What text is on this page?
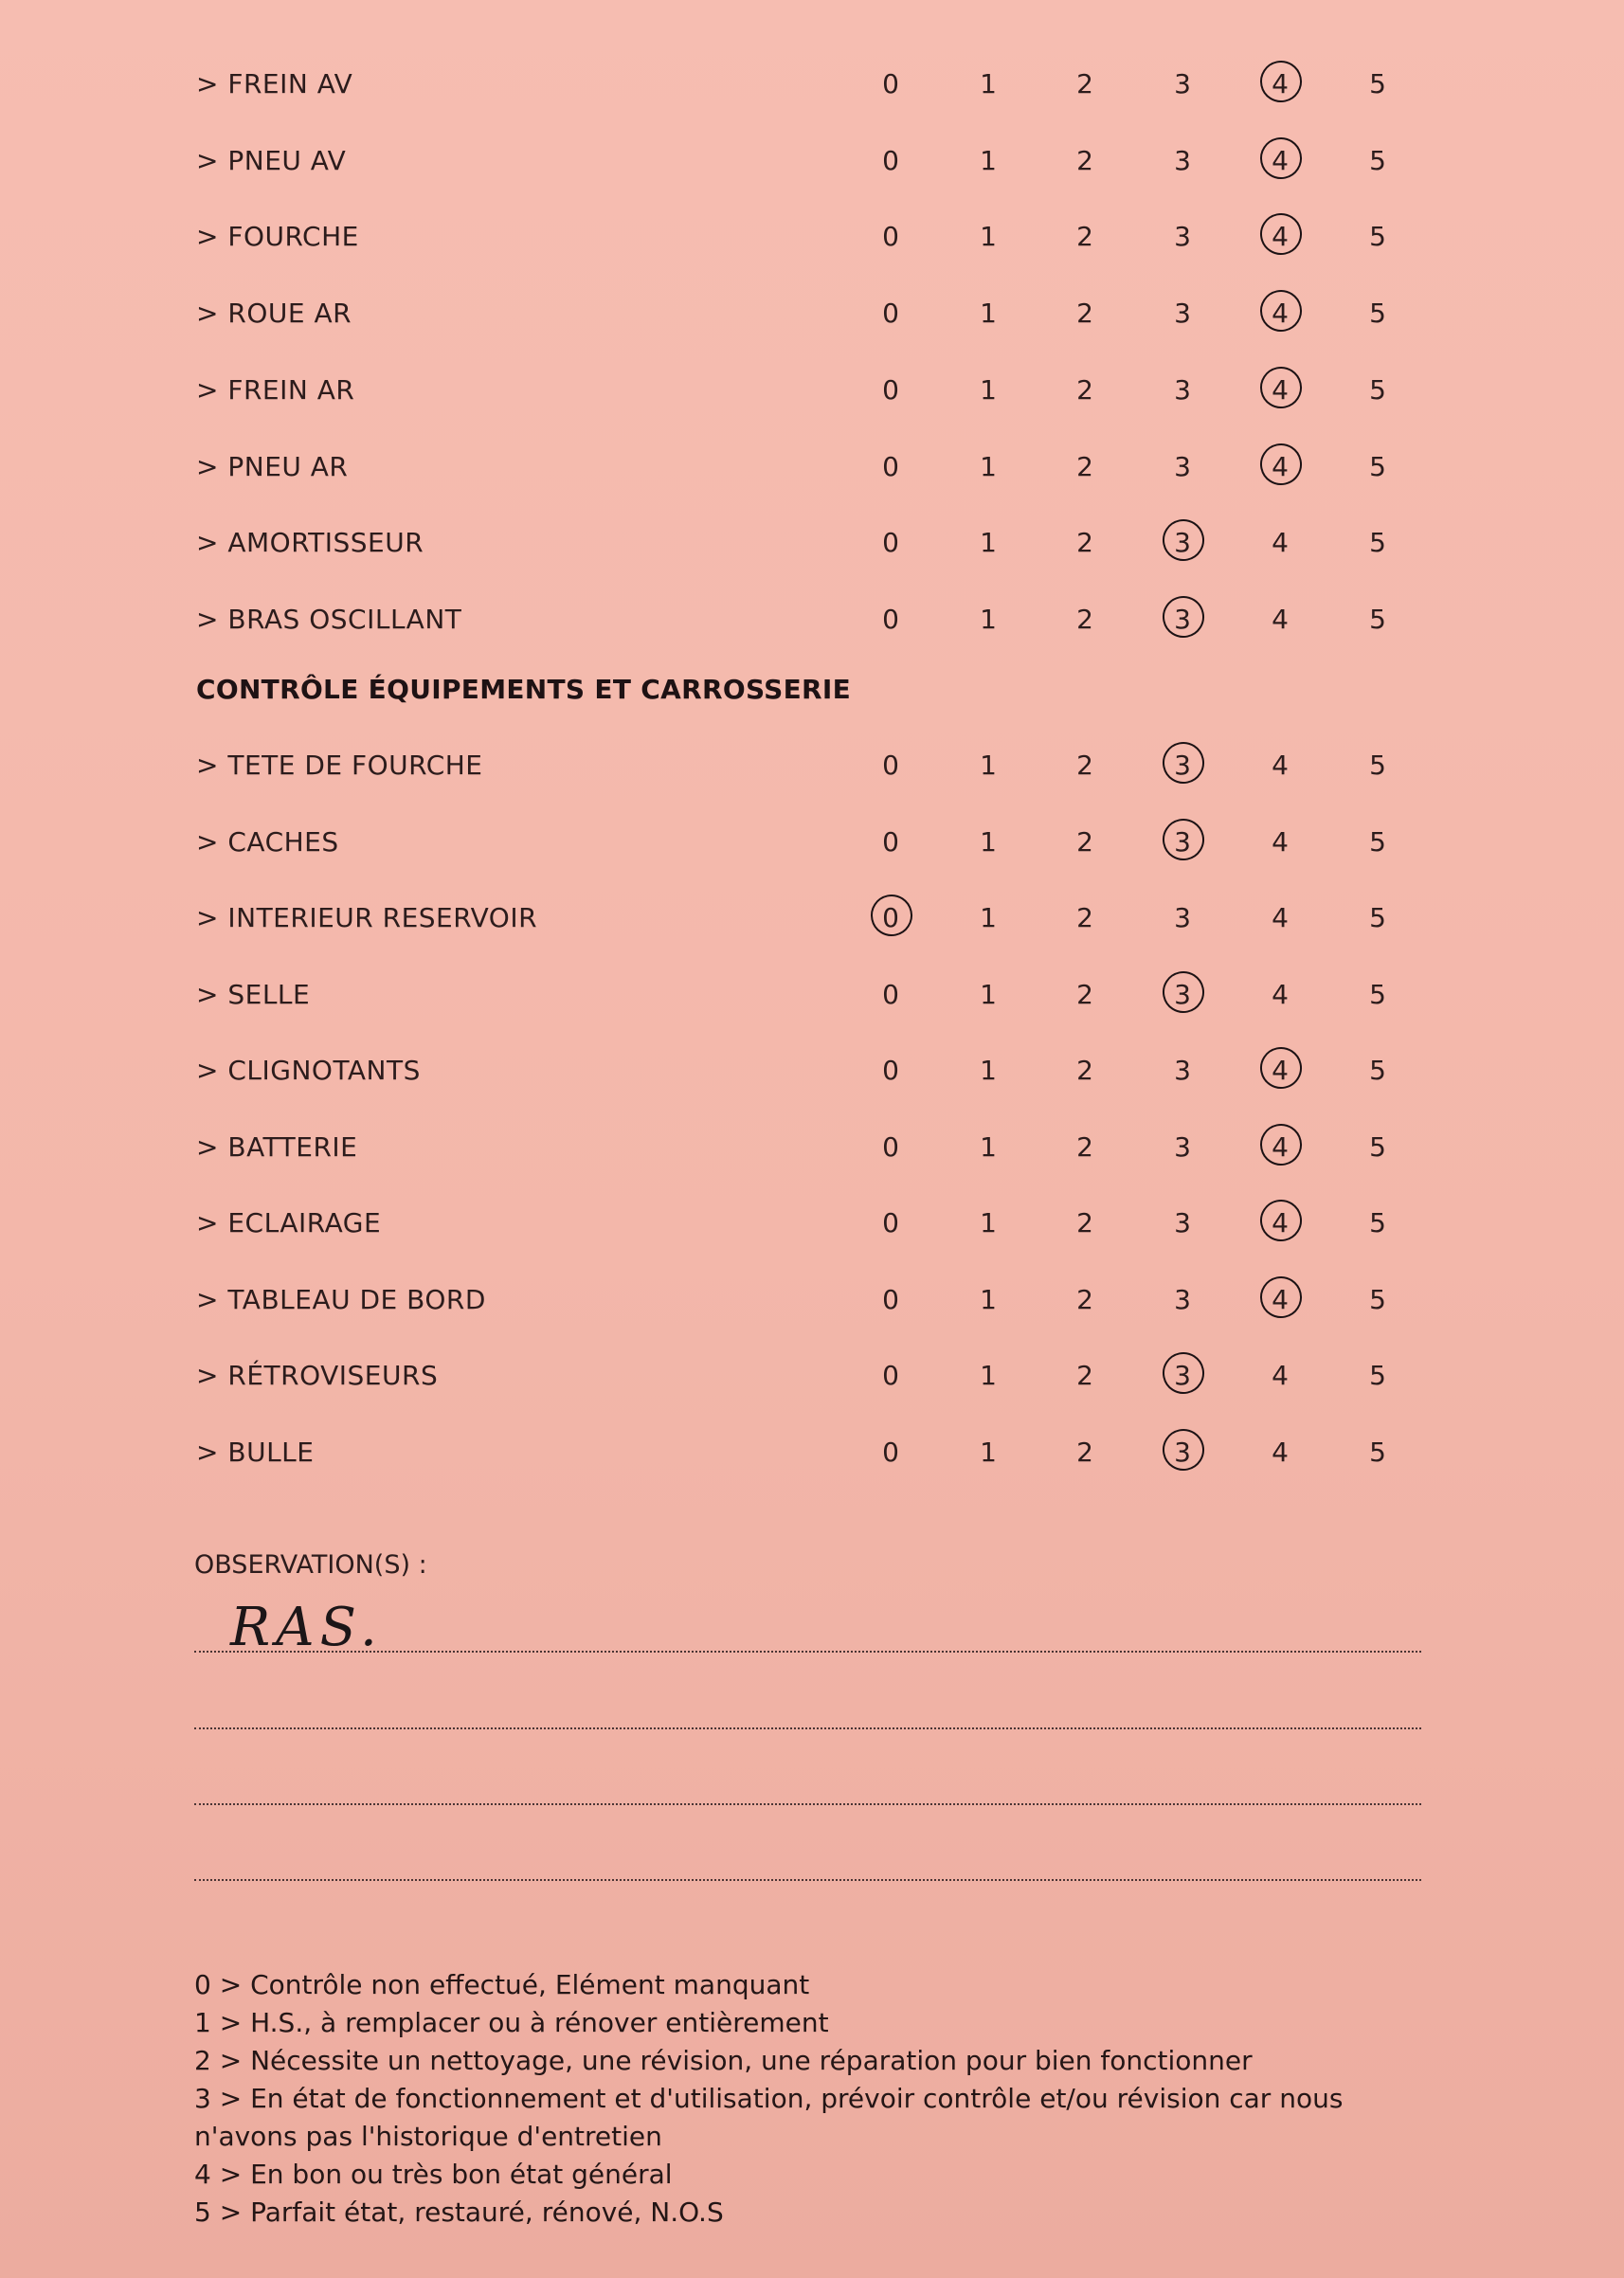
> FREIN AV	0	1	2	3	4	5
> PNEU AV	0	1	2	3	4	5
> FOURCHE	0	1	2	3	4	5
> ROUE AR	0	1	2	3	4	5
> FREIN AR	0	1	2	3	4	5
> PNEU AR	0	1	2	3	4	5
> AMORTISSEUR	0	1	2	3	4	5
> BRAS OSCILLANT	0	1	2	3	4	5
CONTRÔLE ÉQUIPEMENTS ET CARROSSERIE
> TETE DE FOURCHE	0	1	2	3	4	5
> CACHES	0	1	2	3	4	5
> INTERIEUR RESERVOIR	0	1	2	3	4	5
> SELLE	0	1	2	3	4	5
> CLIGNOTANTS	0	1	2	3	4	5
> BATTERIE	0	1	2	3	4	5
> ECLAIRAGE	0	1	2	3	4	5
> TABLEAU DE BORD	0	1	2	3	4	5
> RÉTROVISEURS	0	1	2	3	4	5
> BULLE	0	1	2	3	4	5
OBSERVATION(S) :
RAS.

0 > Contrôle non effectué, Elément manquant

1 > H.S., à remplacer ou à rénover entièrement

2 > Nécessite un nettoyage, une révision, une réparation pour bien fonctionner

3 > En état de fonctionnement et d'utilisation, prévoir contrôle et/ou révision car nous

n'avons pas l'historique d'entretien

4 > En bon ou très bon état général

5 > Parfait état, restauré, rénové, N.O.S
